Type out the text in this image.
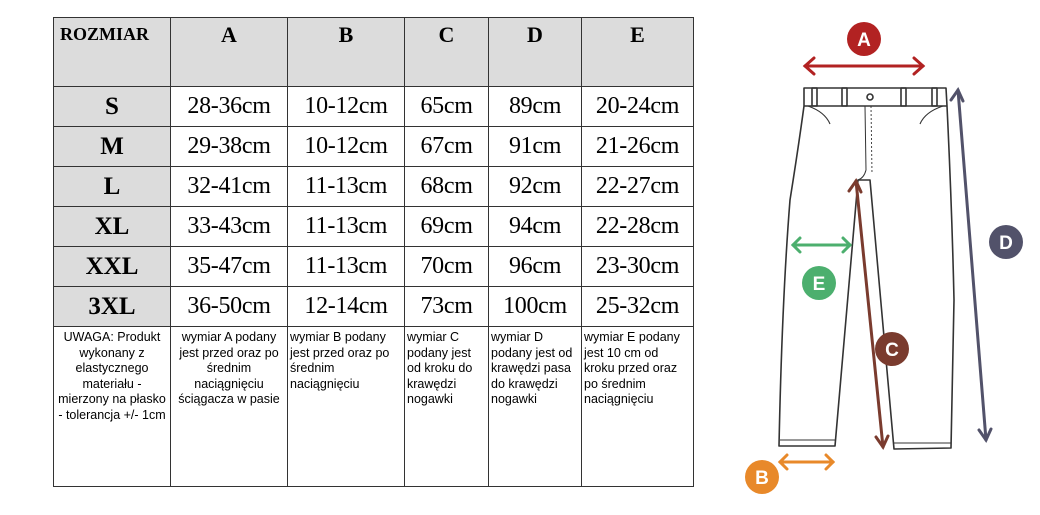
ROZMIAR	A	B	C	D	E
S	28-36cm	10-12cm	65cm	89cm	20-24cm
M	29-38cm	10-12cm	67cm	91cm	21-26cm
L	32-41cm	11-13cm	68cm	92cm	22-27cm
XL	33-43cm	11-13cm	69cm	94cm	22-28cm
XXL	35-47cm	11-13cm	70cm	96cm	23-30cm
3XL	36-50cm	12-14cm	73cm	100cm	25-32cm
UWAGA: Produkt wykonany z elastycznego materiału - mierzony na płasko - tolerancja +/- 1cm	wymiar A podany jest przed oraz po średnim naciągnięciu ściągacza w pasie	wymiar B podany jest przed oraz po średnim naciągnięciu	wymiar C podany jest od kroku do krawędzi nogawki	wymiar D podany jest od krawędzi pasa do krawędzi nogawki	wymiar E podany jest 10 cm od kroku przed oraz po średnim naciągnięciu
A
B
C
D
E
